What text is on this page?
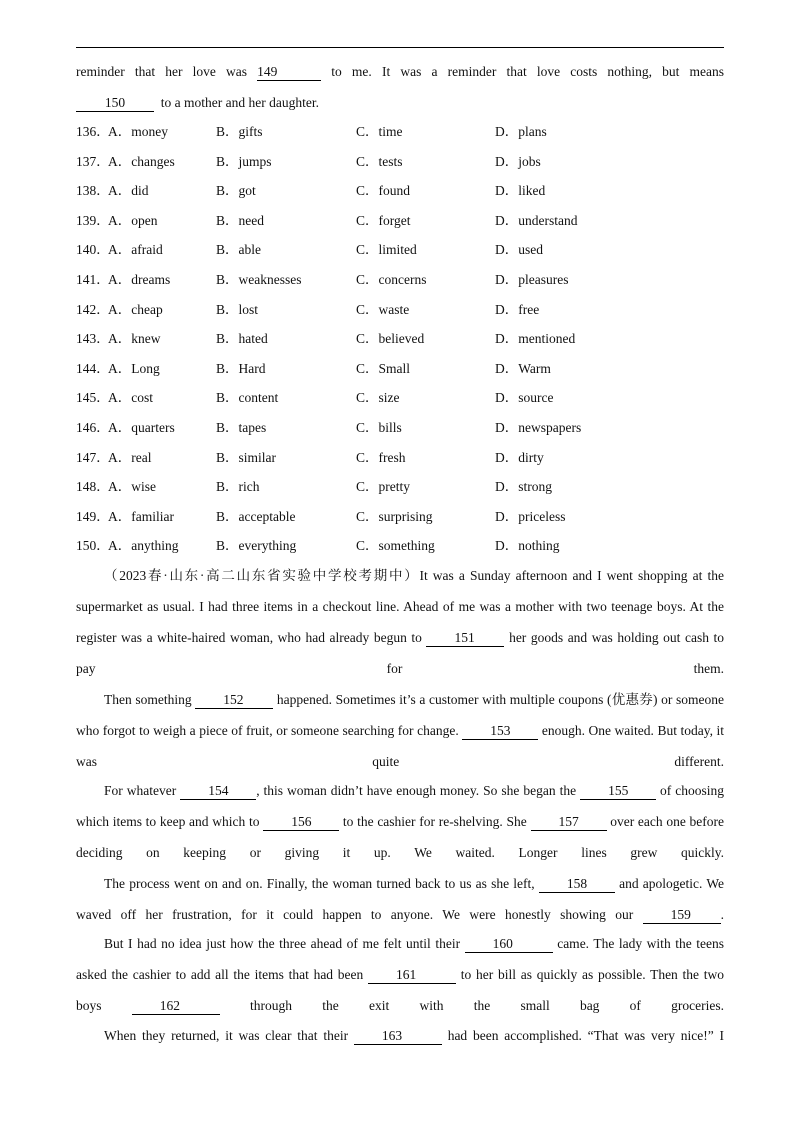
reminder that her love was 149	to me. It was a reminder that love costs nothing, but means

150	to a mother and her daughter.

136．
A．money	B．gifts	C．time	D．plans
137．
A．changes	B．jumps	C．tests	D．jobs
138．
A．did	B．got	C．found	D．liked
139．
A．open	B．need	C．forget	D．understand
140．
A．afraid	B．able	C．limited	D．used
141．
A．dreams	B．weaknesses	C．concerns	D．pleasures
142．
A．cheap	B．lost	C．waste	D．free
143．
A．knew	B．hated	C．believed	D．mentioned
144．
A．Long	B．Hard	C．Small	D．Warm
145．
A．cost	B．content	C．size	D．source
146．
A．quarters	B．tapes	C．bills	D．newspapers
147．
A．real	B．similar	C．fresh	D．dirty
148．
A．wise	B．rich	C．pretty	D．strong
149．
A．familiar	B．acceptable	C．surprising	D．priceless
150．
A．anything	B．everything	C．something	D．nothing

（2023春·山东·高二山东省实验中学校考期中）It was a Sunday afternoon and I went shopping at the supermarket as usual. I had three items in a checkout line. Ahead of me was a mother with two teenage boys. At the register was a white-haired woman, who had already begun to 151	her goods and was holding out cash to pay for them.

Then something 152 happened. Sometimes it’s a customer with multiple coupons (优惠券) or someone who forgot to weigh a piece of fruit, or someone searching for change. 153 enough. One waited. But today, it was quite different.

For whatever 154 , this woman didn’t have enough money. So she began the 155 of choosing which items to keep and which to 156 to the cashier for re-shelving. She 157 over each one before deciding on keeping or giving it up. We waited. Longer lines grew quickly.

The process went on and on. Finally, the woman turned back to us as she left, 158 and apologetic. We waved off her frustration, for it could happen to anyone. We were honestly showing our	159 .

But I had no idea just how the three ahead of me felt until their 160	came. The lady with the teens asked the cashier to add all the items that had been 161	to her bill as quickly as possible. Then the two boys	162	through the exit with the small bag of groceries.

When they returned, it was clear that their	163	had been accomplished. “That was very nice!” I
